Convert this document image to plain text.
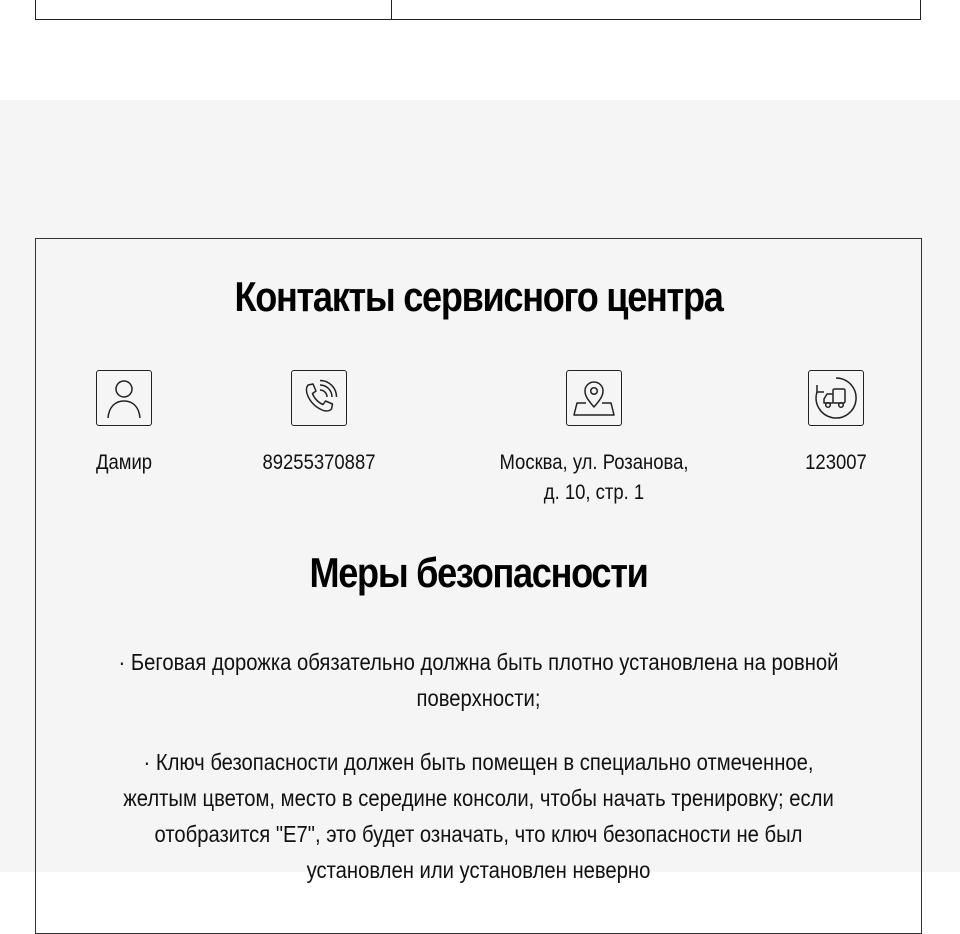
Контакты сервисного центра
Дамир	89255370887	Москва, ул. Розанова,
д. 10, стр. 1
123007
Меры безопасности

· Беговая дорожка обязательно должна быть плотно установлена на ровной поверхности;

· Ключ безопасности должен быть помещен в специально отмеченное, желтым цветом, место в середине консоли, чтобы начать тренировку; если отобразится "E7", это будет означать, что ключ безопасности не был установлен или установлен неверно
